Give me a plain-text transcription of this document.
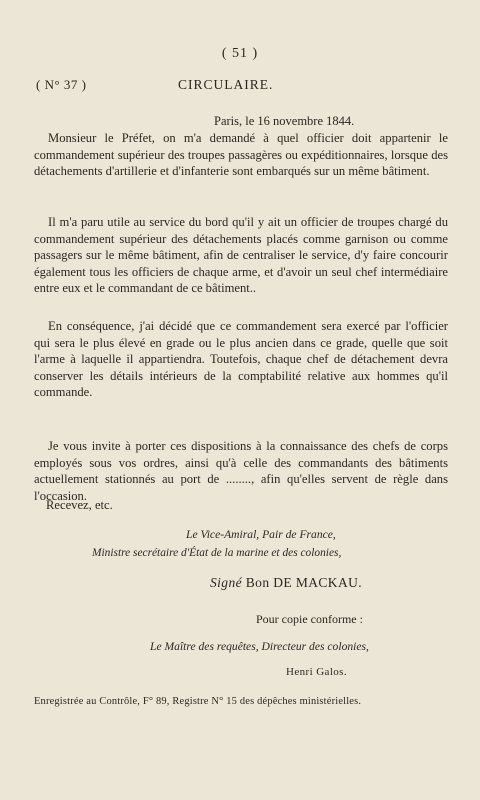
( 51 )
( N° 37 )	CIRCULAIRE.
Paris, le 16 novembre 1844.

Monsieur le Préfet, on m'a demandé à quel officier doit appartenir le commandement supérieur des troupes passagères ou expéditionnaires, lorsque des détachements d'artillerie et d'infanterie sont embarqués sur un même bâtiment.

Il m'a paru utile au service du bord qu'il y ait un officier de troupes chargé du commandement supérieur des détachements placés comme garnison ou comme passagers sur le même bâtiment, afin de centraliser le service, d'y faire concourir également tous les officiers de chaque arme, et d'avoir un seul chef intermédiaire entre eux et le commandant de ce bâtiment..

En conséquence, j'ai décidé que ce commandement sera exercé par l'officier qui sera le plus élevé en grade ou le plus ancien dans ce grade, quelle que soit l'arme à laquelle il appartiendra. Toutefois, chaque chef de détachement devra conserver les détails intérieurs de la comptabilité relative aux hommes qu'il commande.

Je vous invite à porter ces dispositions à la connaissance des chefs de corps employés sous vos ordres, ainsi qu'à celle des commandants des bâtiments actuellement stationnés au port de ........, afin qu'elles servent de règle dans l'occasion.

Recevez, etc.
Le Vice-Amiral, Pair de France,
Ministre secrétaire d'État de la marine et des colonies,
Signé Bon DE MACKAU.
Pour copie conforme :
Le Maître des requêtes, Directeur des colonies,
Henri Galos.
Enregistrée au Contrôle, F° 89, Registre N° 15 des dépêches ministérielles.
